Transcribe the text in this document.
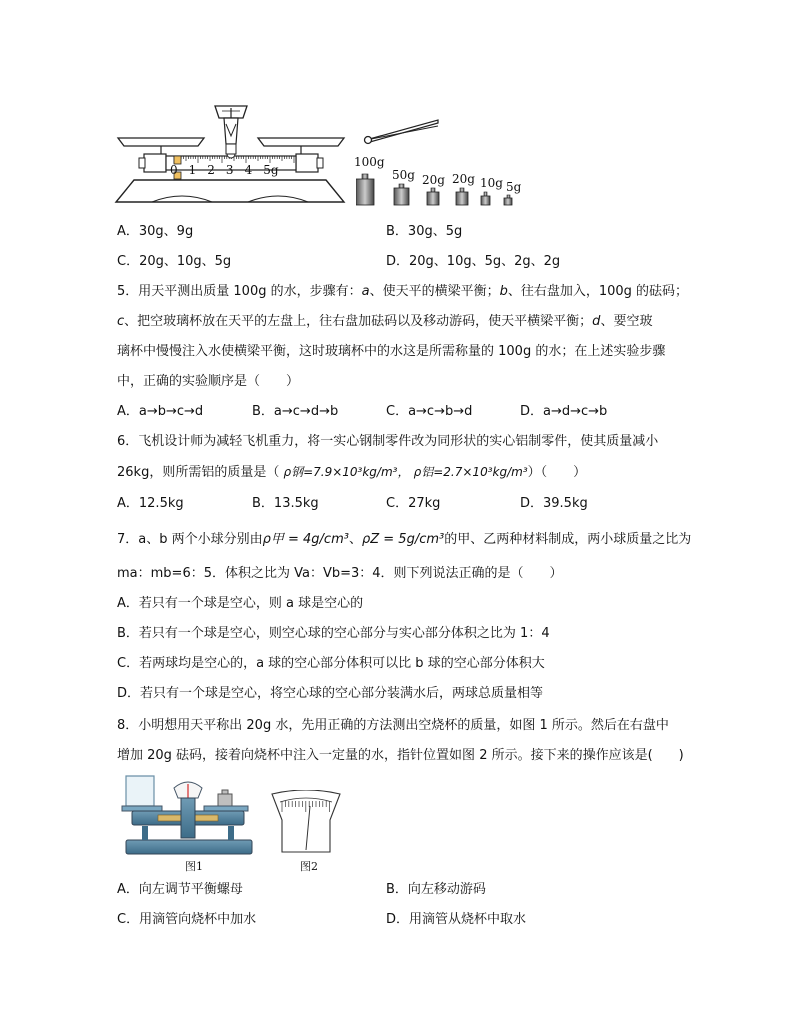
012345g
100g
50g 20g 20g 10g 5g
A．30g、9g	B．30g、5g
C．20g、10g、5g	D．20g、10g、5g、2g、2g
5．用天平测出质量 100g 的水，步骤有：a、使天平的横梁平衡；b、往右盘加入，100g 的砝码；
c、把空玻璃杯放在天平的左盘上，往右盘加砝码以及移动游码，使天平横梁平衡；d、要空玻
璃杯中慢慢注入水使横梁平衡，这时玻璃杯中的水这是所需称量的 100g 的水；在上述实验步骤
中，正确的实验顺序是（　　）
A．a→b→c→d	B．a→c→d→b	C．a→c→b→d	D．a→d→c→b
6．飞机设计师为减轻飞机重力，将一实心钢制零件改为同形状的实心铝制零件，使其质量减小
26kg，则所需铝的质量是（ ρ钢=7.9×10³kg/m³， ρ铝=2.7×10³kg/m³）（　　）
A．12.5kg	B．13.5kg	C．27kg	D．39.5kg
7．a、b 两个小球分别由ρ甲 = 4g/cm³、ρZ = 5g/cm³的甲、乙两种材料制成，两小球质量之比为
ma：mb=6：5．体积之比为 Va：Vb=3：4．则下列说法正确的是（　　）
A．若只有一个球是空心，则 a 球是空心的
B．若只有一个球是空心，则空心球的空心部分与实心部分体积之比为 1：4
C．若两球均是空心的，a 球的空心部分体积可以比 b 球的空心部分体积大
D．若只有一个球是空心，将空心球的空心部分装满水后，两球总质量相等
8．小明想用天平称出 20g 水，先用正确的方法测出空烧杯的质量，如图 1 所示。然后在右盘中
增加 20g 砝码，接着向烧杯中注入一定量的水，指针位置如图 2 所示。接下来的操作应该是(　　)
图1	图2
A．向左调节平衡螺母	B．向左移动游码
C．用滴管向烧杯中加水	D．用滴管从烧杯中取水
